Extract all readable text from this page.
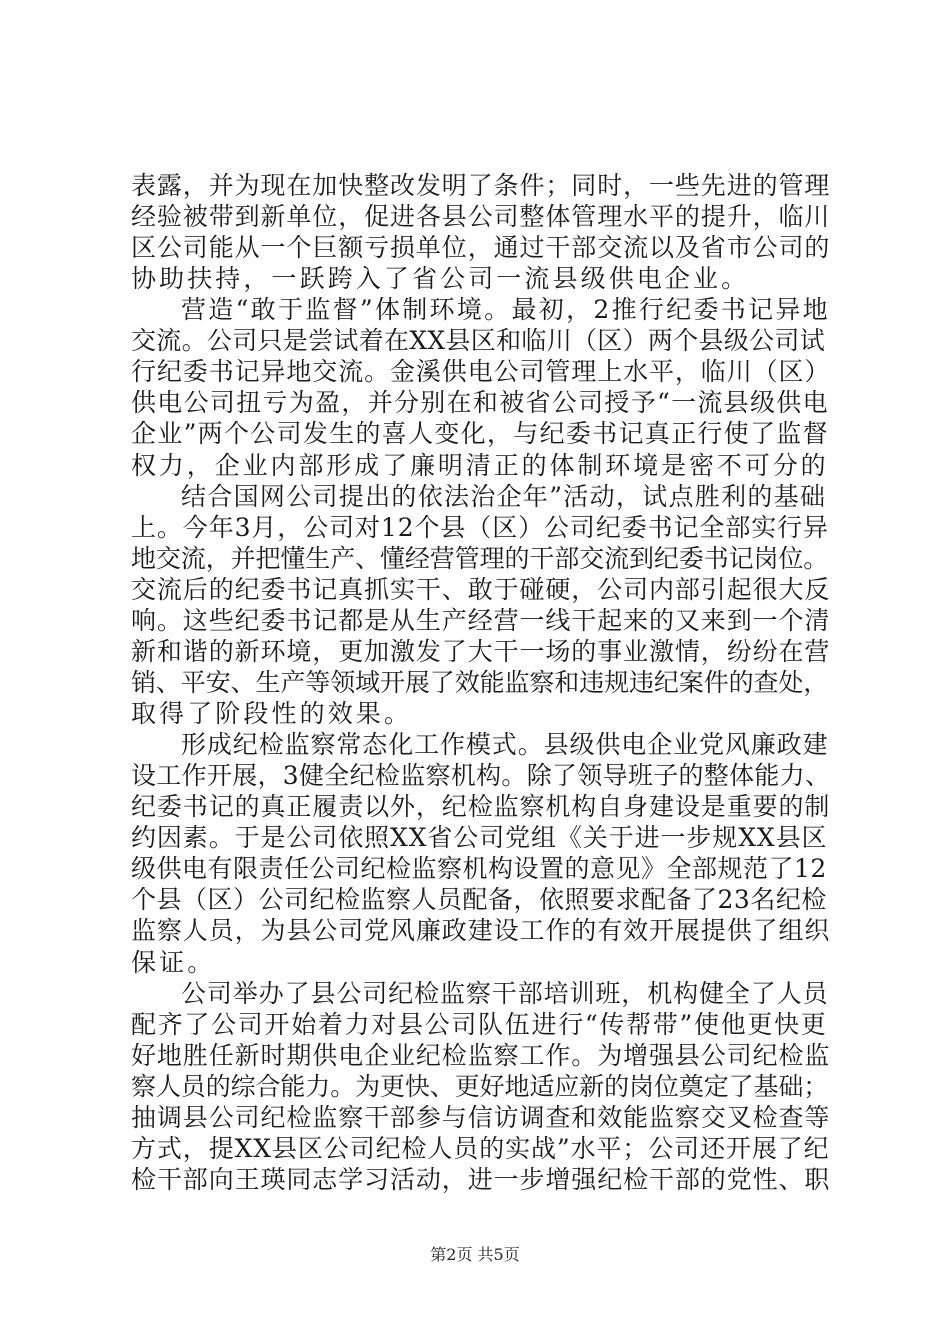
表露，并为现在加快整改发明了条件；同时，一些先进的管理
经验被带到新单位，促进各县公司整体管理水平的提升，临川
区公司能从一个巨额亏损单位，通过干部交流以及省市公司的
协助扶持，一跃跨入了省公司一流县级供电企业。
营造“敢于监督”体制环境。最初，2推行纪委书记异地
交流。公司只是尝试着在XX县区和临川（区）两个县级公司试
行纪委书记异地交流。金溪供电公司管理上水平，临川（区）
供电公司扭亏为盈，并分别在和被省公司授予“一流县级供电
企业”两个公司发生的喜人变化，与纪委书记真正行使了监督
权力，企业内部形成了廉明清正的体制环境是密不可分的
结合国网公司提出的依法治企年”活动，试点胜利的基础
上。今年3月，公司对12个县（区）公司纪委书记全部实行异
地交流，并把懂生产、懂经营管理的干部交流到纪委书记岗位。
交流后的纪委书记真抓实干、敢于碰硬，公司内部引起很大反
响。这些纪委书记都是从生产经营一线干起来的又来到一个清
新和谐的新环境，更加激发了大干一场的事业激情，纷纷在营
销、平安、生产等领域开展了效能监察和违规违纪案件的查处，
取得了阶段性的效果。
形成纪检监察常态化工作模式。县级供电企业党风廉政建
设工作开展，3健全纪检监察机构。除了领导班子的整体能力、
纪委书记的真正履责以外，纪检监察机构自身建设是重要的制
约因素。于是公司依照XX省公司党组《关于进一步规XX县区
级供电有限责任公司纪检监察机构设置的意见》全部规范了12
个县（区）公司纪检监察人员配备，依照要求配备了23名纪检
监察人员，为县公司党风廉政建设工作的有效开展提供了组织
保证。
公司举办了县公司纪检监察干部培训班，机构健全了人员
配齐了公司开始着力对县公司队伍进行“传帮带”使他更快更
好地胜任新时期供电企业纪检监察工作。为增强县公司纪检监
察人员的综合能力。为更快、更好地适应新的岗位奠定了基础；
抽调县公司纪检监察干部参与信访调查和效能监察交叉检查等
方式，提XX县区公司纪检人员的实战”水平；公司还开展了纪
检干部向王瑛同志学习活动，进一步增强纪检干部的党性、职
第2页 共5页
